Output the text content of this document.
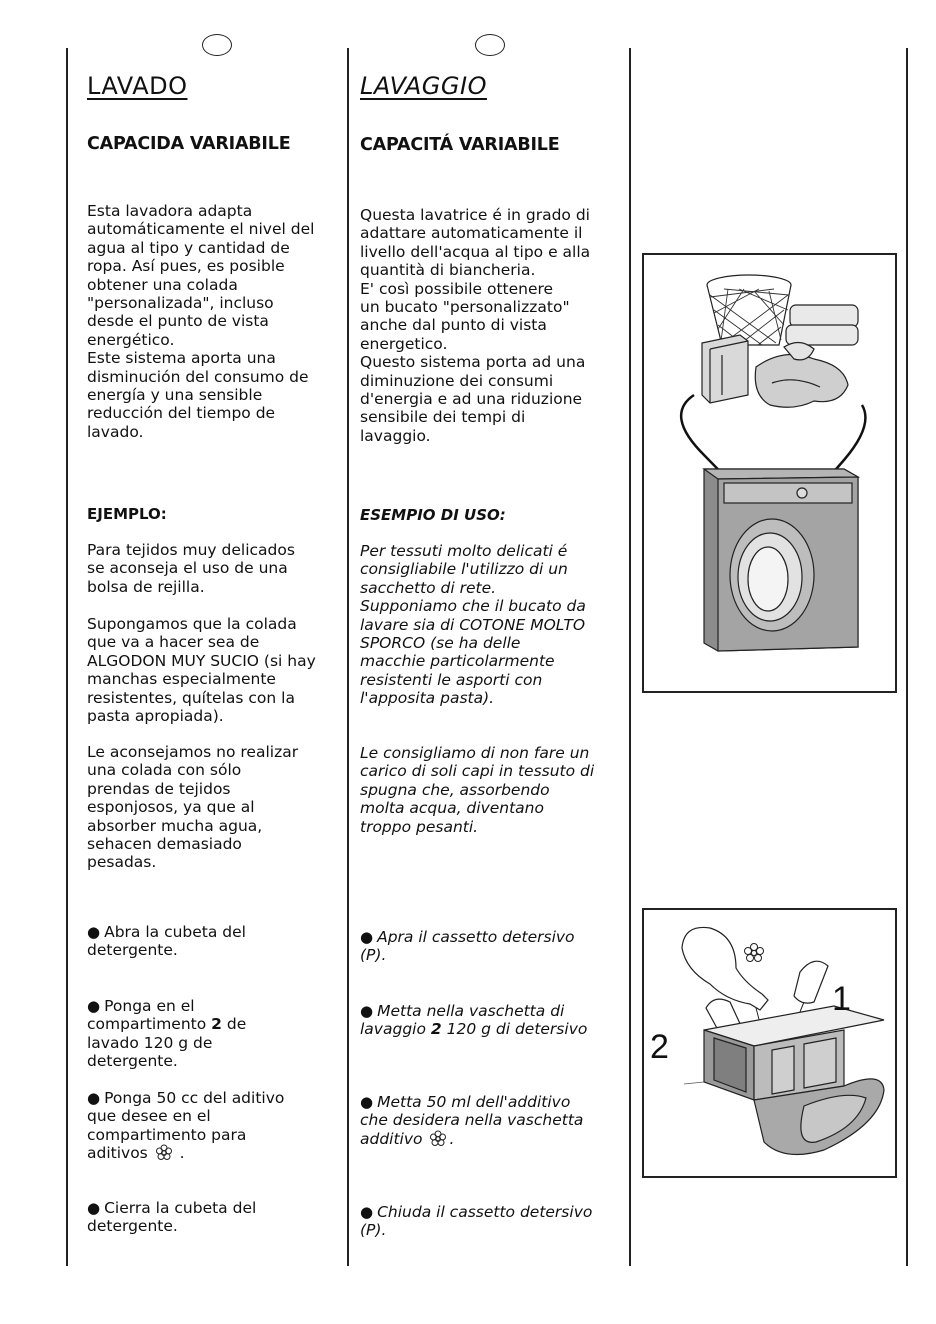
LAVADO
CAPACIDA VARIABILE

Esta lavadora adapta
automáticamente el nivel del
agua al tipo y cantidad de
ropa. Así pues, es posible
obtener una colada
"personalizada", incluso
desde el punto de vista
energético.
Este sistema aporta una
disminución del consumo de
energía y una sensible
reducción del tiempo de
lavado.

EJEMPLO:

Para tejidos muy delicados
se aconseja el uso de una
bolsa de rejilla.

Supongamos que la colada
que va a hacer sea de
ALGODON MUY SUCIO (si hay
manchas especialmente
resistentes, quítelas con la
pasta apropiada).

Le aconsejamos no realizar
una colada con sólo
prendas de tejidos
esponjosos, ya que al
absorber mucha agua,
sehacen demasiado
pesadas.

● Abra la cubeta del
detergente.

● Ponga en el
compartimento 2 de
lavado 120 g de
detergente.

● Ponga 50 cc del aditivo
que desee en el
compartimento para
aditivos .

● Cierra la cubeta del
detergente.

LAVAGGIO
CAPACITÁ VARIABILE

Questa lavatrice é in grado di
adattare automaticamente il
livello dell'acqua al tipo e alla
quantità di biancheria.
E' così possibile ottenere
un bucato "personalizzato"
anche dal punto di vista
energetico.
Questo sistema porta ad una
diminuzione dei consumi
d'energia e ad una riduzione
sensibile dei tempi di
lavaggio.

ESEMPIO DI USO:

Per tessuti molto delicati é
consigliabile l'utilizzo di un
sacchetto di rete.
Supponiamo che il bucato da
lavare sia di COTONE MOLTO
SPORCO (se ha delle
macchie particolarmente
resistenti le asporti con
l'apposita pasta).

Le consigliamo di non fare un
carico di soli capi in tessuto di
spugna che, assorbendo
molta acqua, diventano
troppo pesanti.

● Apra il cassetto detersivo
(P).

● Metta nella vaschetta di
lavaggio 2 120 g di detersivo

● Metta 50 ml dell'additivo
che desidera nella vaschetta
additivo .

● Chiuda il cassetto detersivo
(P).

1
2
